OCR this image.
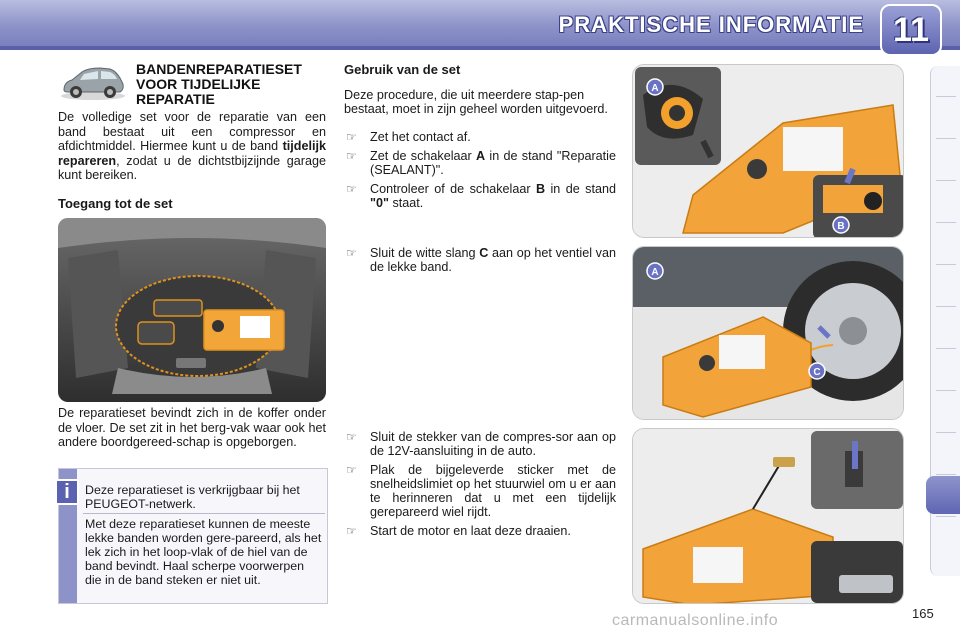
PRAKTISCHE INFORMATIE 11
BANDENREPARATIESET VOOR TIJDELIJKE REPARATIE

De volledige set voor de reparatie van een band bestaat uit een compressor en afdichtmiddel. Hiermee kunt u de band tijdelijk repareren, zodat u de dichtstbijzijnde garage kunt bereiken.

Toegang tot de set

De reparatieset bevindt zich in de koffer onder de vloer. De set zit in het berg-vak waar ook het andere boordgereed-schap is opgeborgen.

i	Deze reparatieset is verkrijgbaar bij het PEUGEOT-netwerk.

Met deze reparatieset kunnen de meeste lekke banden worden gere-pareerd, als het lek zich in het loop-vlak of de hiel van de band bevindt. Haal scherpe voorwerpen die in de band steken er niet uit.

Gebruik van de set

Deze procedure, die uit meerdere stap-pen bestaat, moet in zijn geheel worden uitgevoerd.

☞	Zet het contact af.
☞	Zet de schakelaar A in de stand "Reparatie (SEALANT)".
☞	Controleer of de schakelaar B in de stand "0" staat.
☞	Sluit de witte slang C aan op het ventiel van de lekke band.
☞	Sluit de stekker van de compres-sor aan op de 12V-aansluiting in de auto.
☞	Plak de bijgeleverde sticker met de snelheidslimiet op het stuurwiel om u er aan te herinneren dat u met een tijdelijk gerepareerd wiel rijdt.
☞	Start de motor en laat deze draaien.
A
B
A
C
165
carmanualsonline.info
